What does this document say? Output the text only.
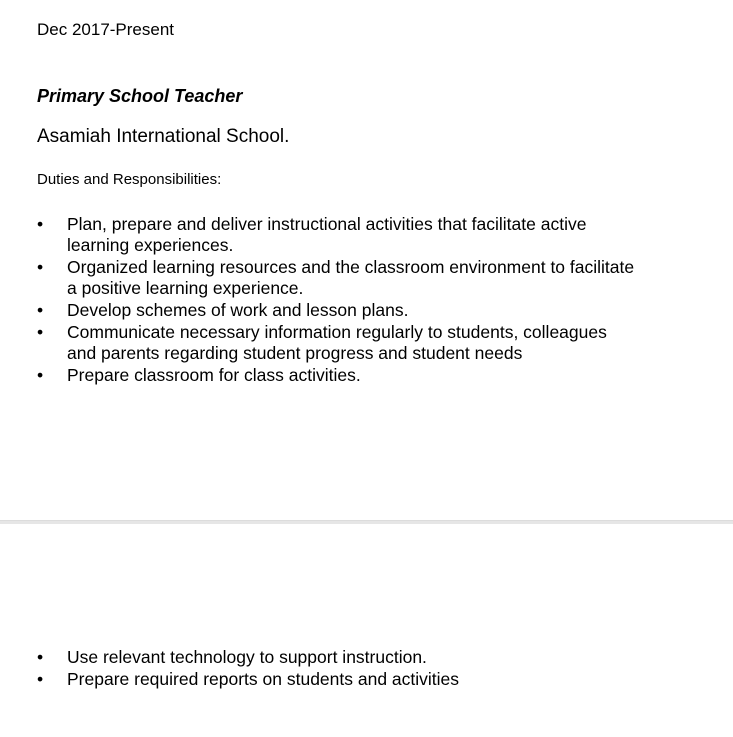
Dec 2017-Present
Primary School Teacher
Asamiah International School.
Duties and Responsibilities:
• Plan, prepare and deliver instructional activities that facilitate active learning experiences.
• Organized learning resources and the classroom environment to facilitate a positive learning experience.
• Develop schemes of work and lesson plans.
• Communicate necessary information regularly to students, colleagues and parents regarding student progress and student needs
• Prepare classroom for class activities.
• Use relevant technology to support instruction.
• Prepare required reports on students and activities
